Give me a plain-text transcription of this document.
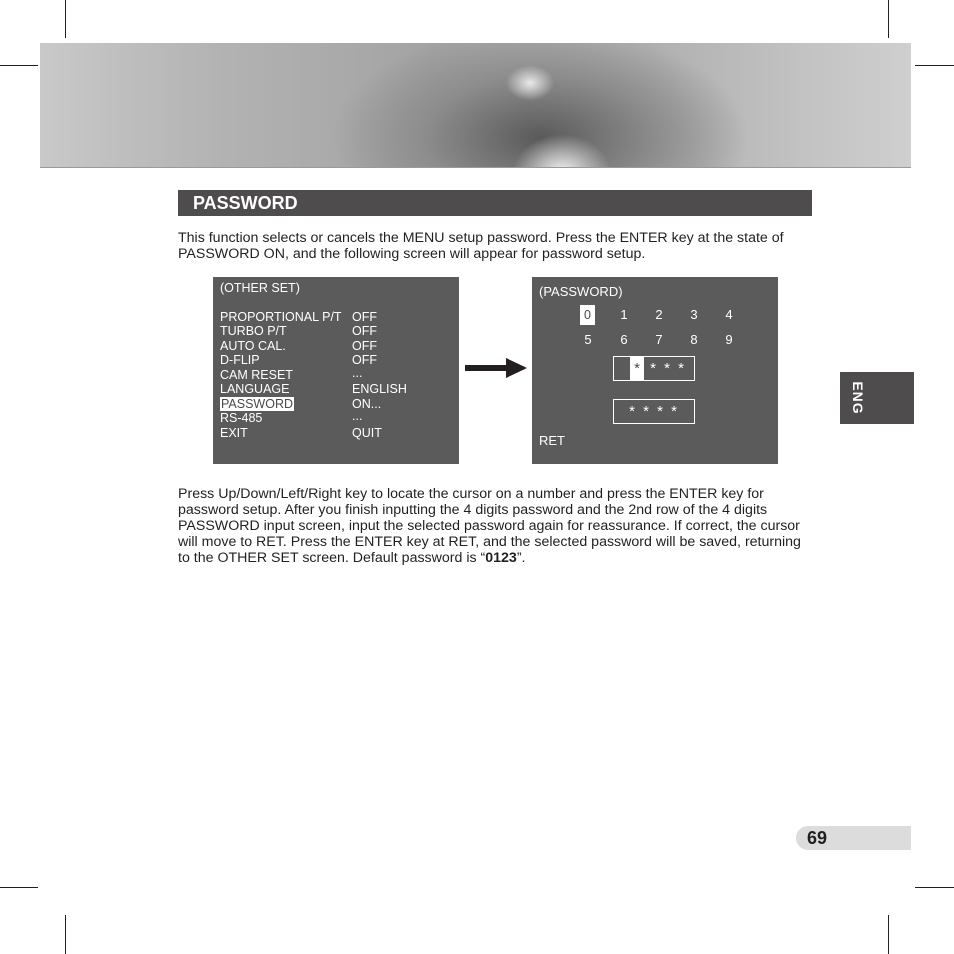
PASSWORD

This function selects or cancels the MENU setup password. Press the ENTER key at the state of PASSWORD ON, and the following screen will appear for password setup.

(OTHER SET)
PROPORTIONAL P/T OFF
TURBO P/T	OFF
AUTO CAL.	OFF
D-FLIP	OFF
CAM RESET	...
LANGUAGE	ENGLISH
PASSWORD	ON...
RS-485	...
EXIT	QUIT
(PASSWORD)
0	1 2 3 4
5 6 7 8 9
* * * *
* * * *
RET

Press Up/Down/Left/Right key to locate the cursor on a number and press the ENTER key for password setup. After you finish inputting the 4 digits password and the 2nd row of the 4 digits PASSWORD input screen, input the selected password again for reassurance. If correct, the cursor will move to RET. Press the ENTER key at RET, and the selected password will be saved, returning to the OTHER SET screen. Default password is “0123”.

ENG
69
